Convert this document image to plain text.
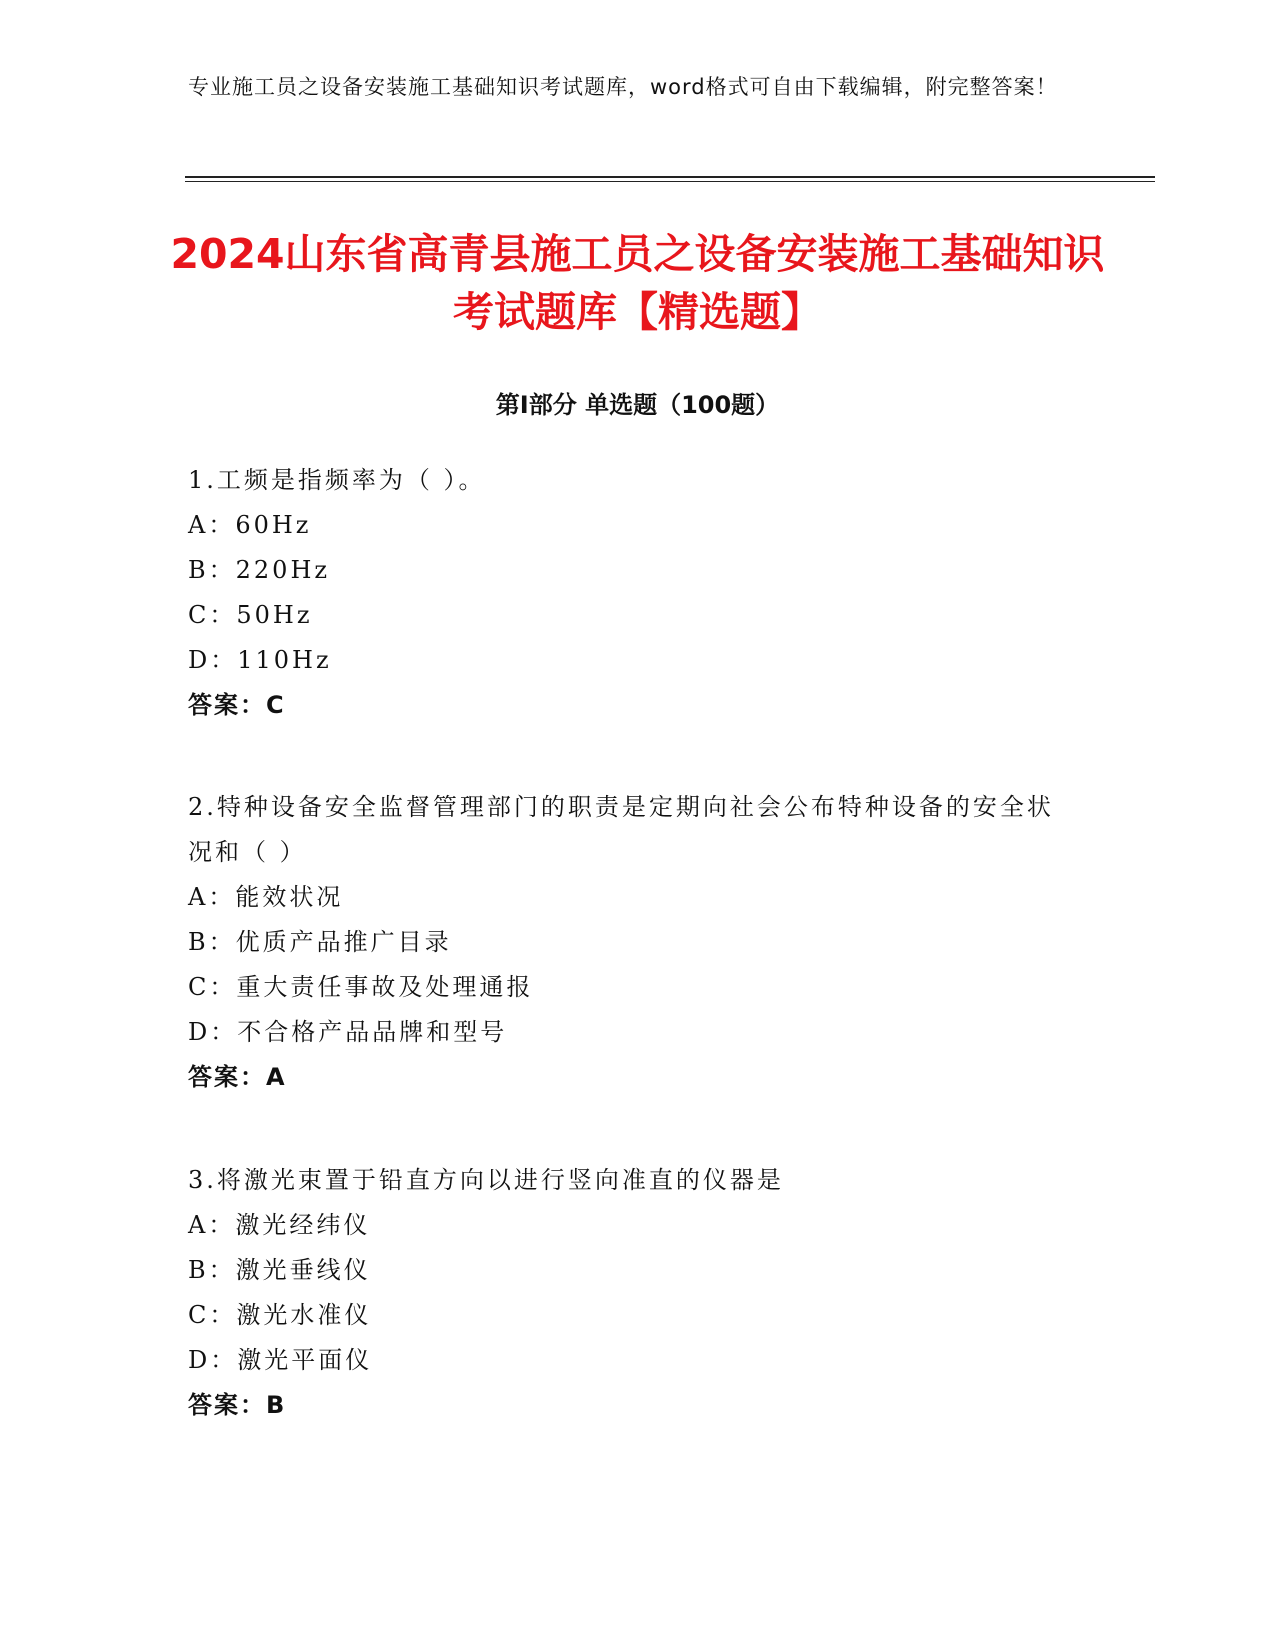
专业施工员之设备安装施工基础知识考试题库，word格式可自由下载编辑，附完整答案！
2024山东省高青县施工员之设备安装施工基础知识考试题库【精选题】
第Ⅰ部分 单选题（100题）
1.工频是指频率为（ ）。
A：60Hz
B：220Hz
C：50Hz
D：110Hz
答案：C
2.特种设备安全监督管理部门的职责是定期向社会公布特种设备的安全状况和（ ）
A：能效状况
B：优质产品推广目录
C：重大责任事故及处理通报
D：不合格产品品牌和型号
答案：A
3.将激光束置于铅直方向以进行竖向准直的仪器是
A：激光经纬仪
B：激光垂线仪
C：激光水准仪
D：激光平面仪
答案：B
